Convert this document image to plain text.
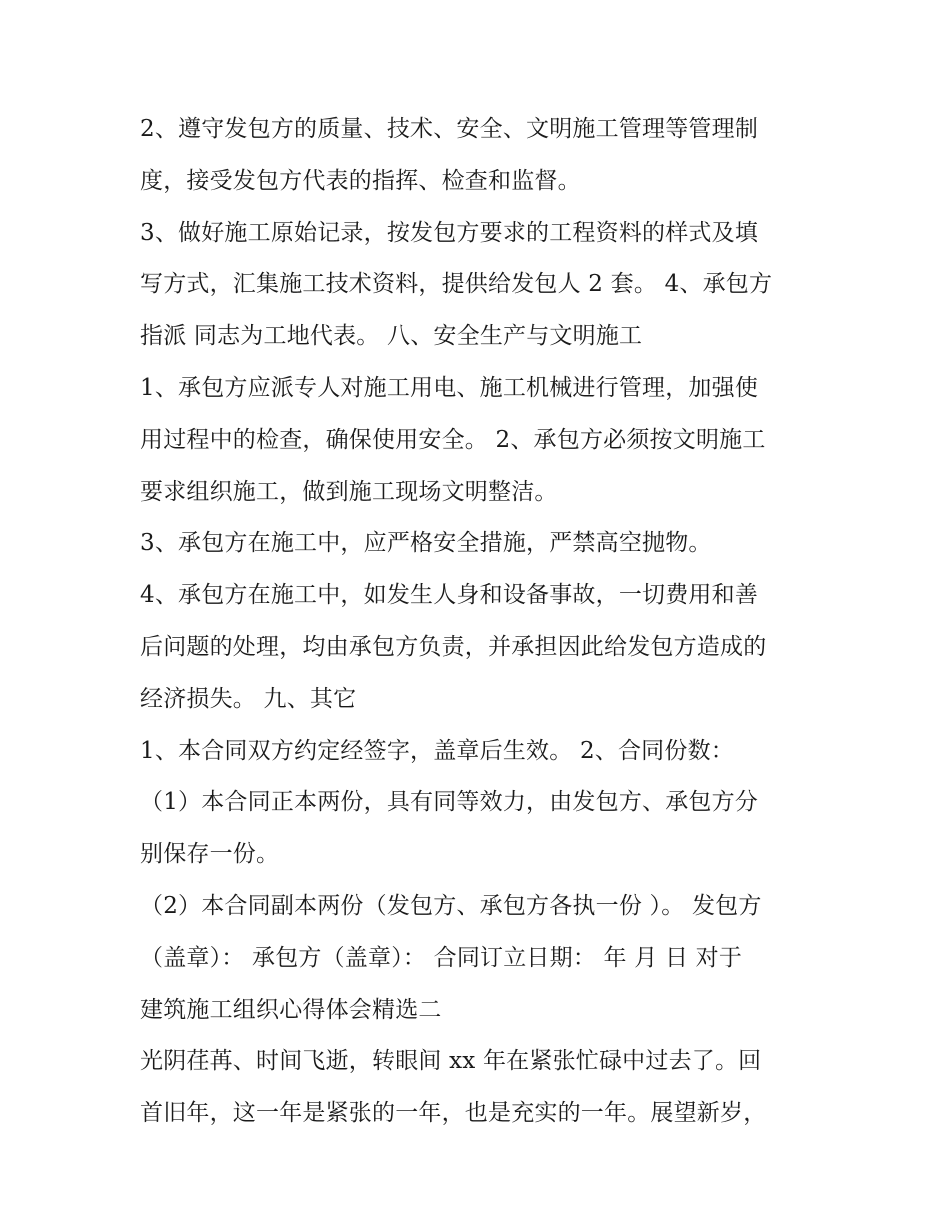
2、遵守发包方的质量、技术、安全、文明施工管理等管理制
度，接受发包方代表的指挥、检查和监督。
3、做好施工原始记录，按发包方要求的工程资料的样式及填
写方式，汇集施工技术资料，提供给发包人 2 套。 4、承包方
指派 同志为工地代表。 八、安全生产与文明施工
1、承包方应派专人对施工用电、施工机械进行管理，加强使
用过程中的检查，确保使用安全。 2、承包方必须按文明施工
要求组织施工，做到施工现场文明整洁。
3、承包方在施工中，应严格安全措施，严禁高空抛物。
4、承包方在施工中，如发生人身和设备事故，一切费用和善
后问题的处理，均由承包方负责，并承担因此给发包方造成的
经济损失。 九、其它
1、本合同双方约定经签字，盖章后生效。 2、合同份数：
（1）本合同正本两份，具有同等效力，由发包方、承包方分
别保存一份。
（2）本合同副本两份（发包方、承包方各执一份 ）。 发包方
（盖章）： 承包方（盖章）： 合同订立日期： 年 月 日 对于
建筑施工组织心得体会精选二
光阴荏苒、时间飞逝，转眼间 xx 年在紧张忙碌中过去了。回
首旧年，这一年是紧张的一年，也是充实的一年。展望新岁，
